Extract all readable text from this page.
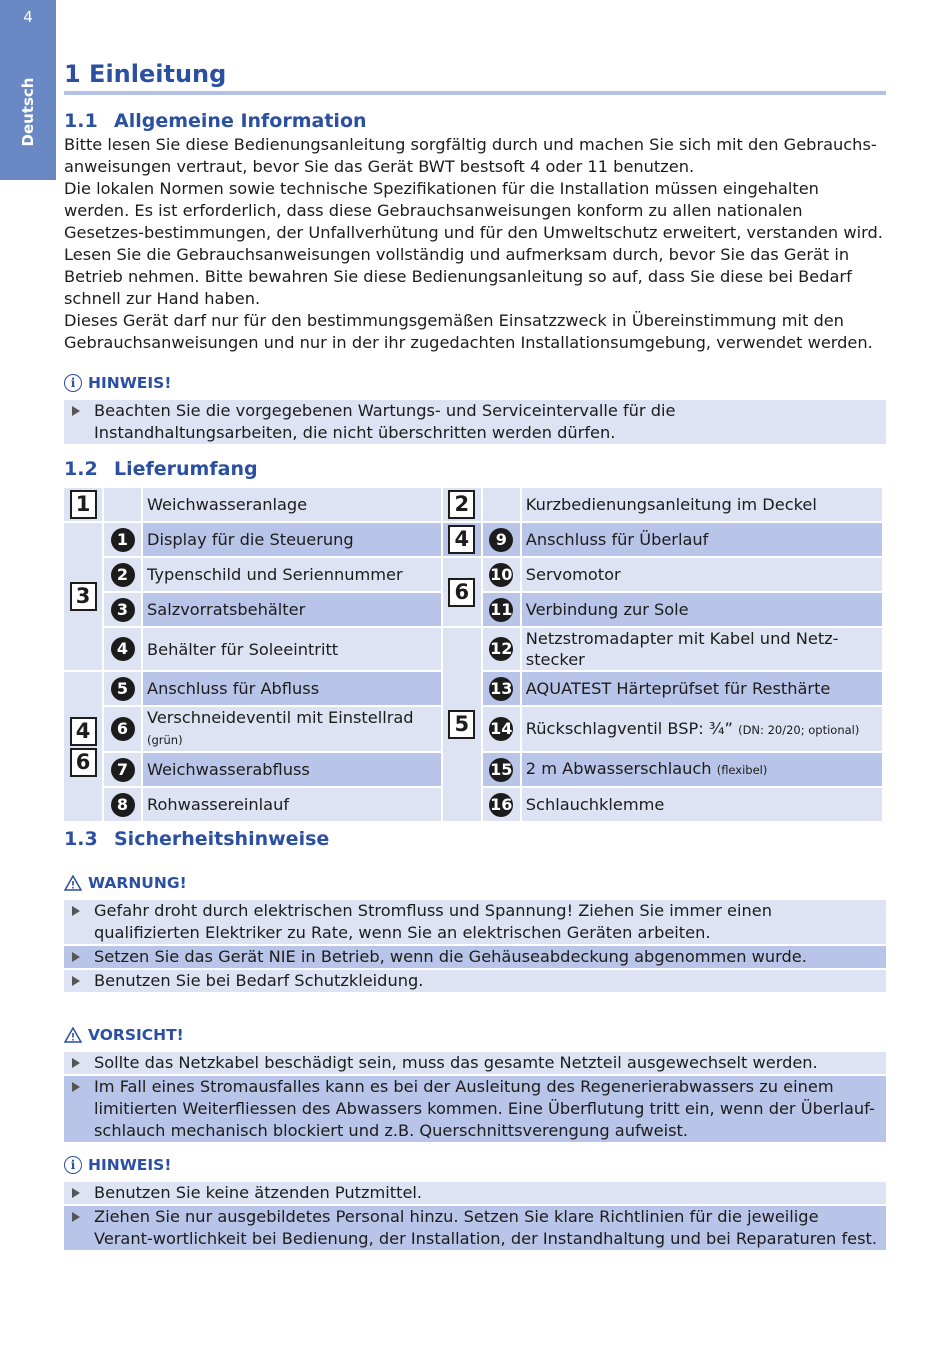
4
Deutsch
1 Einleitung
1.1 Allgemeine Information

Bitte lesen Sie diese Bedienungsanleitung sorgfältig durch und machen Sie sich mit den Gebrauchs-anweisungen vertraut, bevor Sie das Gerät BWT bestsoft 4 oder 11 benutzen.

Die lokalen Normen sowie technische Spezifikationen für die Installation müssen eingehalten werden. Es ist erforderlich, dass diese Gebrauchsanweisungen konform zu allen nationalen Gesetzes-bestimmungen, der Unfallverhütung und für den Umweltschutz erweitert, verstanden wird.

Lesen Sie die Gebrauchsanweisungen vollständig und aufmerksam durch, bevor Sie das Gerät in Betrieb nehmen. Bitte bewahren Sie diese Bedienungsanleitung so auf, dass Sie diese bei Bedarf schnell zur Hand haben.

Dieses Gerät darf nur für den bestimmungsgemäßen Einsatzzweck in Übereinstimmung mit den Gebrauchsanweisungen und nur in der ihr zugedachten Installationsumgebung, verwendet werden.

i HINWEIS!
Beachten Sie die vorgegebenen Wartungs- und Serviceintervalle für die Instandhaltungsarbeiten, die nicht überschritten werden dürfen.
1.2 Lieferumfang
1		Weichwasseranlage	2		Kurzbedienungsanleitung im Deckel
3	1	Display für die Steuerung	4	9	Anschluss für Überlauf
	2	Typenschild und Seriennummer	6	10	Servomotor
	3	Salzvorratsbehälter		11	Verbindung zur Sole
	4	Behälter für Soleeintritt	5	12	Netzstromadapter mit Kabel und Netz-stecker
4
6	5	Anschluss für Abfluss		13	AQUATEST Härteprüfset für Resthärte
	6	Verschneideventil mit Einstellrad (grün)		14	Rückschlagventil BSP: ¾” (DN: 20/20; optional)
	7	Weichwasserabfluss		15	2 m Abwasserschlauch (flexibel)
	8	Rohwassereinlauf		16	Schlauchklemme
1.3 Sicherheitshinweise
WARNUNG!
Gefahr droht durch elektrischen Stromfluss und Spannung! Ziehen Sie immer einen qualifizierten Elektriker zu Rate, wenn Sie an elektrischen Geräten arbeiten.
Setzen Sie das Gerät NIE in Betrieb, wenn die Gehäuseabdeckung abgenommen wurde.
Benutzen Sie bei Bedarf Schutzkleidung.
VORSICHT!
Sollte das Netzkabel beschädigt sein, muss das gesamte Netzteil ausgewechselt werden.
Im Fall eines Stromausfalles kann es bei der Ausleitung des Regenerierabwassers zu einem limitierten Weiterfliessen des Abwassers kommen. Eine Überflutung tritt ein, wenn der Überlauf-schlauch mechanisch blockiert und z.B. Querschnittsverengung aufweist.
i HINWEIS!
Benutzen Sie keine ätzenden Putzmittel.
Ziehen Sie nur ausgebildetes Personal hinzu. Setzen Sie klare Richtlinien für die jeweilige Verant-wortlichkeit bei Bedienung, der Installation, der Instandhaltung und bei Reparaturen fest.
